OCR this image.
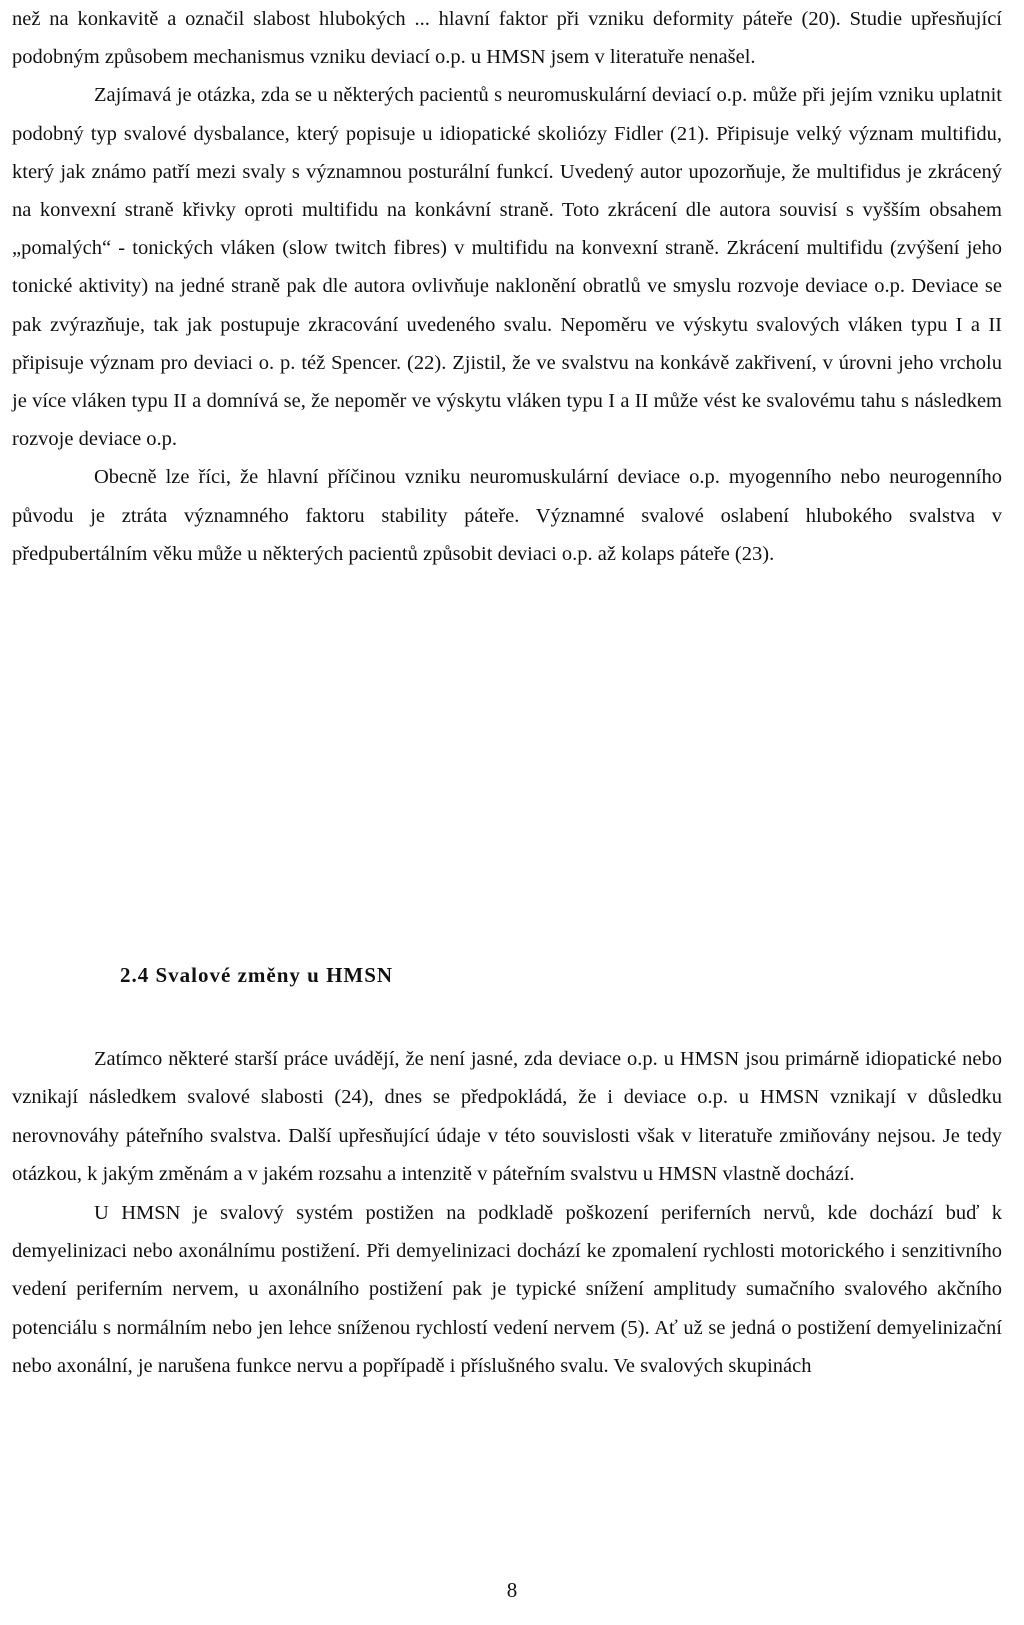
než na konkavitě a označil slabost hlubokých ... hlavní faktor při vzniku deformity páteře (20). Studie upřesňující podobným způsobem mechanismus vzniku deviací o.p. u HMSN jsem v literatuře nenašel.

Zajímavá je otázka, zda se u některých pacientů s neuromuskulární deviací o.p. může při jejím vzniku uplatnit podobný typ svalové dysbalance, který popisuje u idiopatické skoliózy Fidler (21). Připisuje velký význam multifidu, který jak známo patří mezi svaly s významnou posturální funkcí. Uvedený autor upozorňuje, že multifidus je zkrácený na konvexní straně křivky oproti multifidu na konkávní straně. Toto zkrácení dle autora souvisí s vyšším obsahem „pomalých“ - tonických vláken (slow twitch fibres) v multifidu na konvexní straně. Zkrácení multifidu (zvýšení jeho tonické aktivity) na jedné straně pak dle autora ovlivňuje naklonění obratlů ve smyslu rozvoje deviace o.p. Deviace se pak zvýrazňuje, tak jak postupuje zkracování uvedeného svalu. Nepoměru ve výskytu svalových vláken typu I a II připisuje význam pro deviaci o. p. též Spencer. (22). Zjistil, že ve svalstvu na konkávě zakřivení, v úrovni jeho vrcholu je více vláken typu II a domnívá se, že nepoměr ve výskytu vláken typu I a II může vést ke svalovému tahu s následkem rozvoje deviace o.p.

Obecně lze říci, že hlavní příčinou vzniku neuromuskulární deviace o.p. myogenního nebo neurogenního původu je ztráta významného faktoru stability páteře. Významné svalové oslabení hlubokého svalstva v předpubertálním věku může u některých pacientů způsobit deviaci o.p. až kolaps páteře (23).

2.4 Svalové změny u HMSN

Zatímco některé starší práce uvádějí, že není jasné, zda deviace o.p. u HMSN jsou primárně idiopatické nebo vznikají následkem svalové slabosti (24), dnes se předpokládá, že i deviace o.p. u HMSN vznikají v důsledku nerovnováhy páteřního svalstva. Další upřesňující údaje v této souvislosti však v literatuře zmiňovány nejsou. Je tedy otázkou, k jakým změnám a v jakém rozsahu a intenzitě v páteřním svalstvu u HMSN vlastně dochází.

U HMSN je svalový systém postižen na podkladě poškození periferních nervů, kde dochází buď k demyelinizaci nebo axonálnímu postižení. Při demyelinizaci dochází ke zpomalení rychlosti motorického i senzitivního vedení periferním nervem, u axonálního postižení pak je typické snížení amplitudy sumačního svalového akčního potenciálu s normálním nebo jen lehce sníženou rychlostí vedení nervem (5). Ať už se jedná o postižení demyelinizační nebo axonální, je narušena funkce nervu a popřípadě i příslušného svalu. Ve svalových skupinách

8
